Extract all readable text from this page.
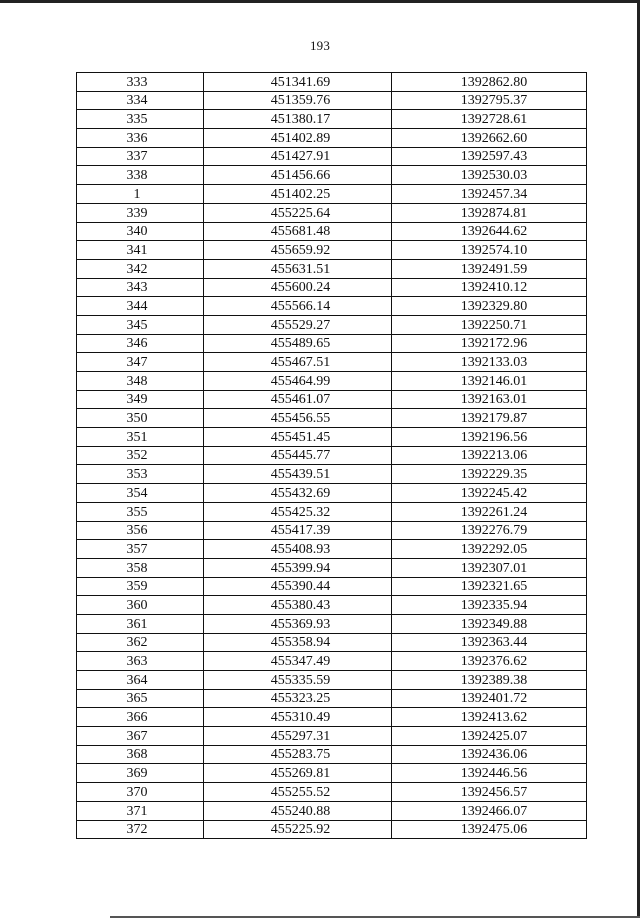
193
333	451341.69	1392862.80
334	451359.76	1392795.37
335	451380.17	1392728.61
336	451402.89	1392662.60
337	451427.91	1392597.43
338	451456.66	1392530.03
1	451402.25	1392457.34
339	455225.64	1392874.81
340	455681.48	1392644.62
341	455659.92	1392574.10
342	455631.51	1392491.59
343	455600.24	1392410.12
344	455566.14	1392329.80
345	455529.27	1392250.71
346	455489.65	1392172.96
347	455467.51	1392133.03
348	455464.99	1392146.01
349	455461.07	1392163.01
350	455456.55	1392179.87
351	455451.45	1392196.56
352	455445.77	1392213.06
353	455439.51	1392229.35
354	455432.69	1392245.42
355	455425.32	1392261.24
356	455417.39	1392276.79
357	455408.93	1392292.05
358	455399.94	1392307.01
359	455390.44	1392321.65
360	455380.43	1392335.94
361	455369.93	1392349.88
362	455358.94	1392363.44
363	455347.49	1392376.62
364	455335.59	1392389.38
365	455323.25	1392401.72
366	455310.49	1392413.62
367	455297.31	1392425.07
368	455283.75	1392436.06
369	455269.81	1392446.56
370	455255.52	1392456.57
371	455240.88	1392466.07
372	455225.92	1392475.06
